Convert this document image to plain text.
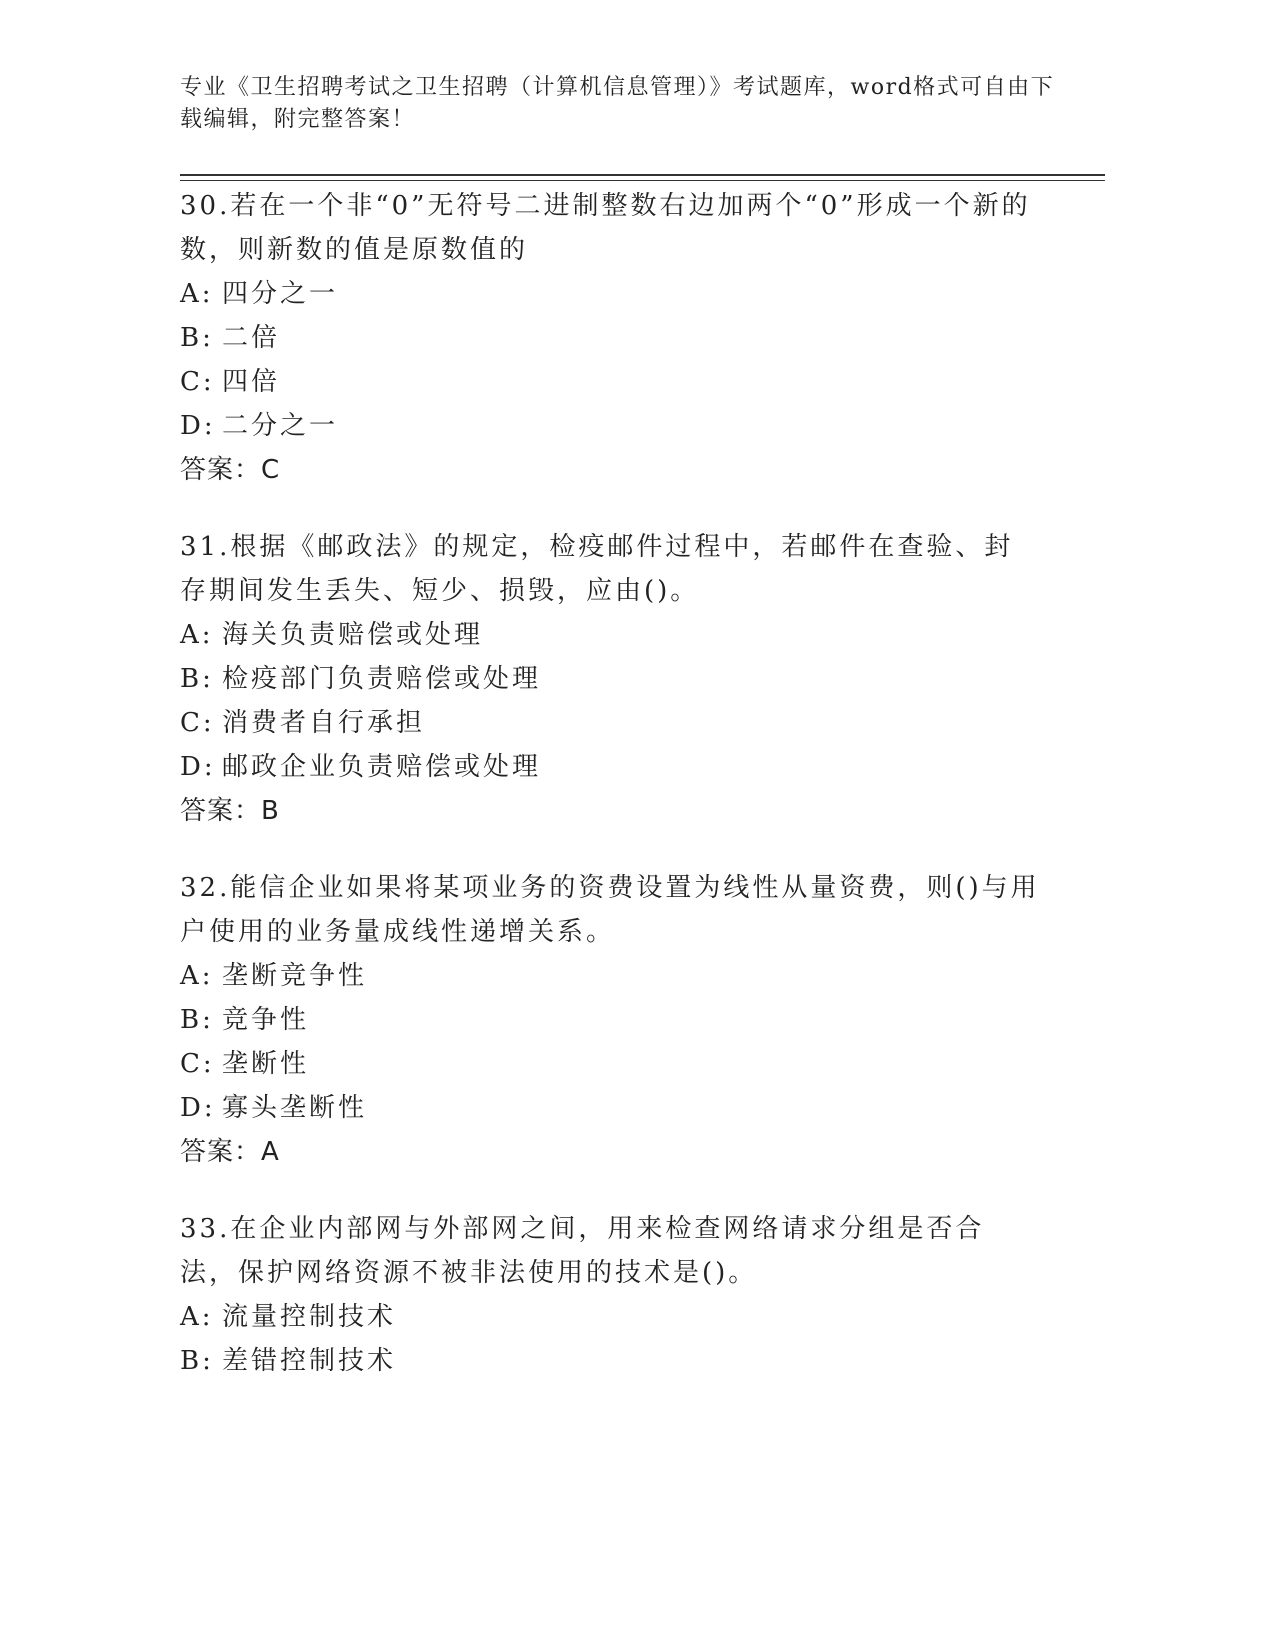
专业《卫生招聘考试之卫生招聘（计算机信息管理）》考试题库，word格式可自由下载编辑，附完整答案！
30.若在一个非“0”无符号二进制整数右边加两个“0”形成一个新的数，则新数的值是原数值的
A: 四分之一
B: 二倍
C: 四倍
D: 二分之一
答案：C
31.根据《邮政法》的规定，检疫邮件过程中，若邮件在查验、封存期间发生丢失、短少、损毁，应由()。
A: 海关负责赔偿或处理
B: 检疫部门负责赔偿或处理
C: 消费者自行承担
D: 邮政企业负责赔偿或处理
答案：B
32.能信企业如果将某项业务的资费设置为线性从量资费，则()与用户使用的业务量成线性递增关系。
A: 垄断竞争性
B: 竞争性
C: 垄断性
D: 寡头垄断性
答案：A
33.在企业内部网与外部网之间，用来检查网络请求分组是否合法，保护网络资源不被非法使用的技术是()。
A: 流量控制技术
B: 差错控制技术
